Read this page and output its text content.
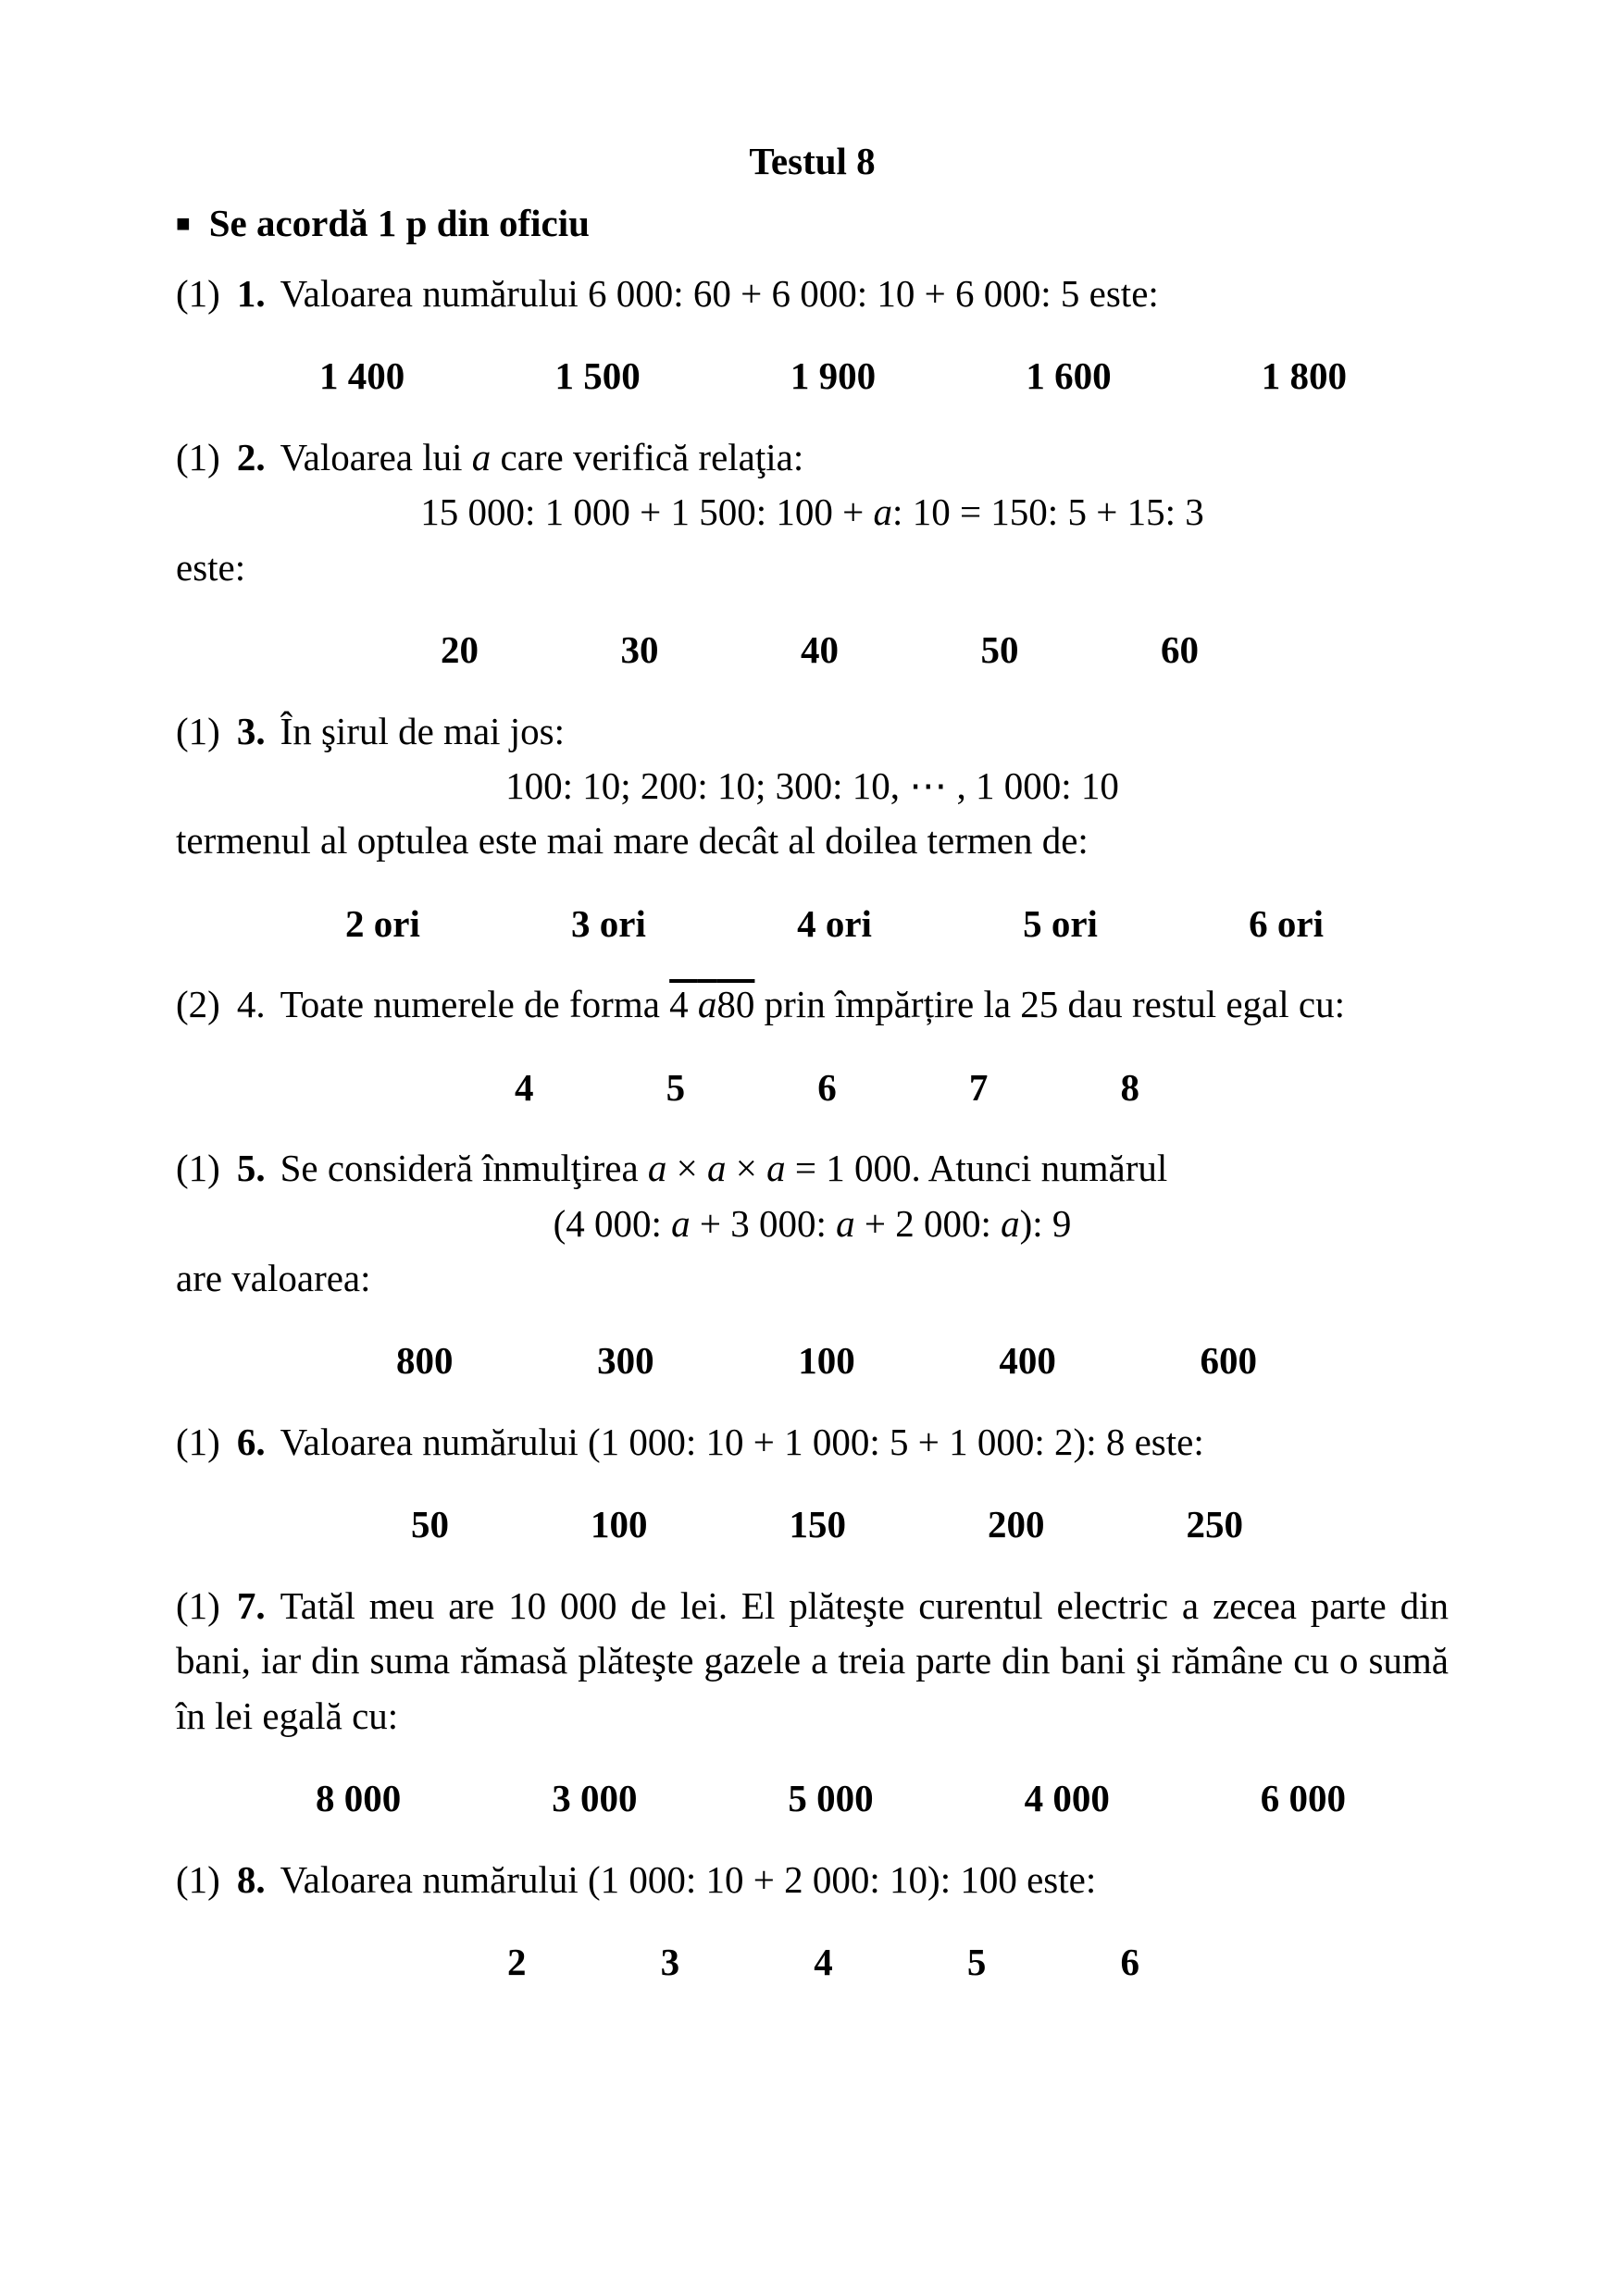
Testul 8
■ Se acordă 1 p din oficiu

(1) 1. Valoarea numărului 6 000: 60 + 6 000: 10 + 6 000: 5 este:

1 400	1 500	1 900	1 600	1 800

(1) 2. Valoarea lui a care verifică relaţia:

15 000: 1 000 + 1 500: 100 + a: 10 = 150: 5 + 15: 3
este:
20	30	40	50	60

(1) 3. În şirul de mai jos:

100: 10; 200: 10; 300: 10, ⋯ , 1 000: 10
termenul al optulea este mai mare decât al doilea termen de:
2 ori	3 ori	4 ori	5 ori	6 ori

(2) 4. Toate numerele de forma 4 a80 prin împărțire la 25 dau restul egal cu:

4	5	6	7	8

(1) 5. Se consideră înmulţirea a × a × a = 1 000. Atunci numărul

(4 000: a + 3 000: a + 2 000: a): 9
are valoarea:
800	300	100	400	600

(1) 6. Valoarea numărului (1 000: 10 + 1 000: 5 + 1 000: 2): 8 este:

50	100	150	200	250

(1) 7. Tatăl meu are 10 000 de lei. El plăteşte curentul electric a zecea parte din bani, iar din suma rămasă plăteşte gazele a treia parte din bani şi rămâne cu o sumă în lei egală cu:

8 000	3 000	5 000	4 000	6 000

(1) 8. Valoarea numărului (1 000: 10 + 2 000: 10): 100 este:

2	3	4	5	6
